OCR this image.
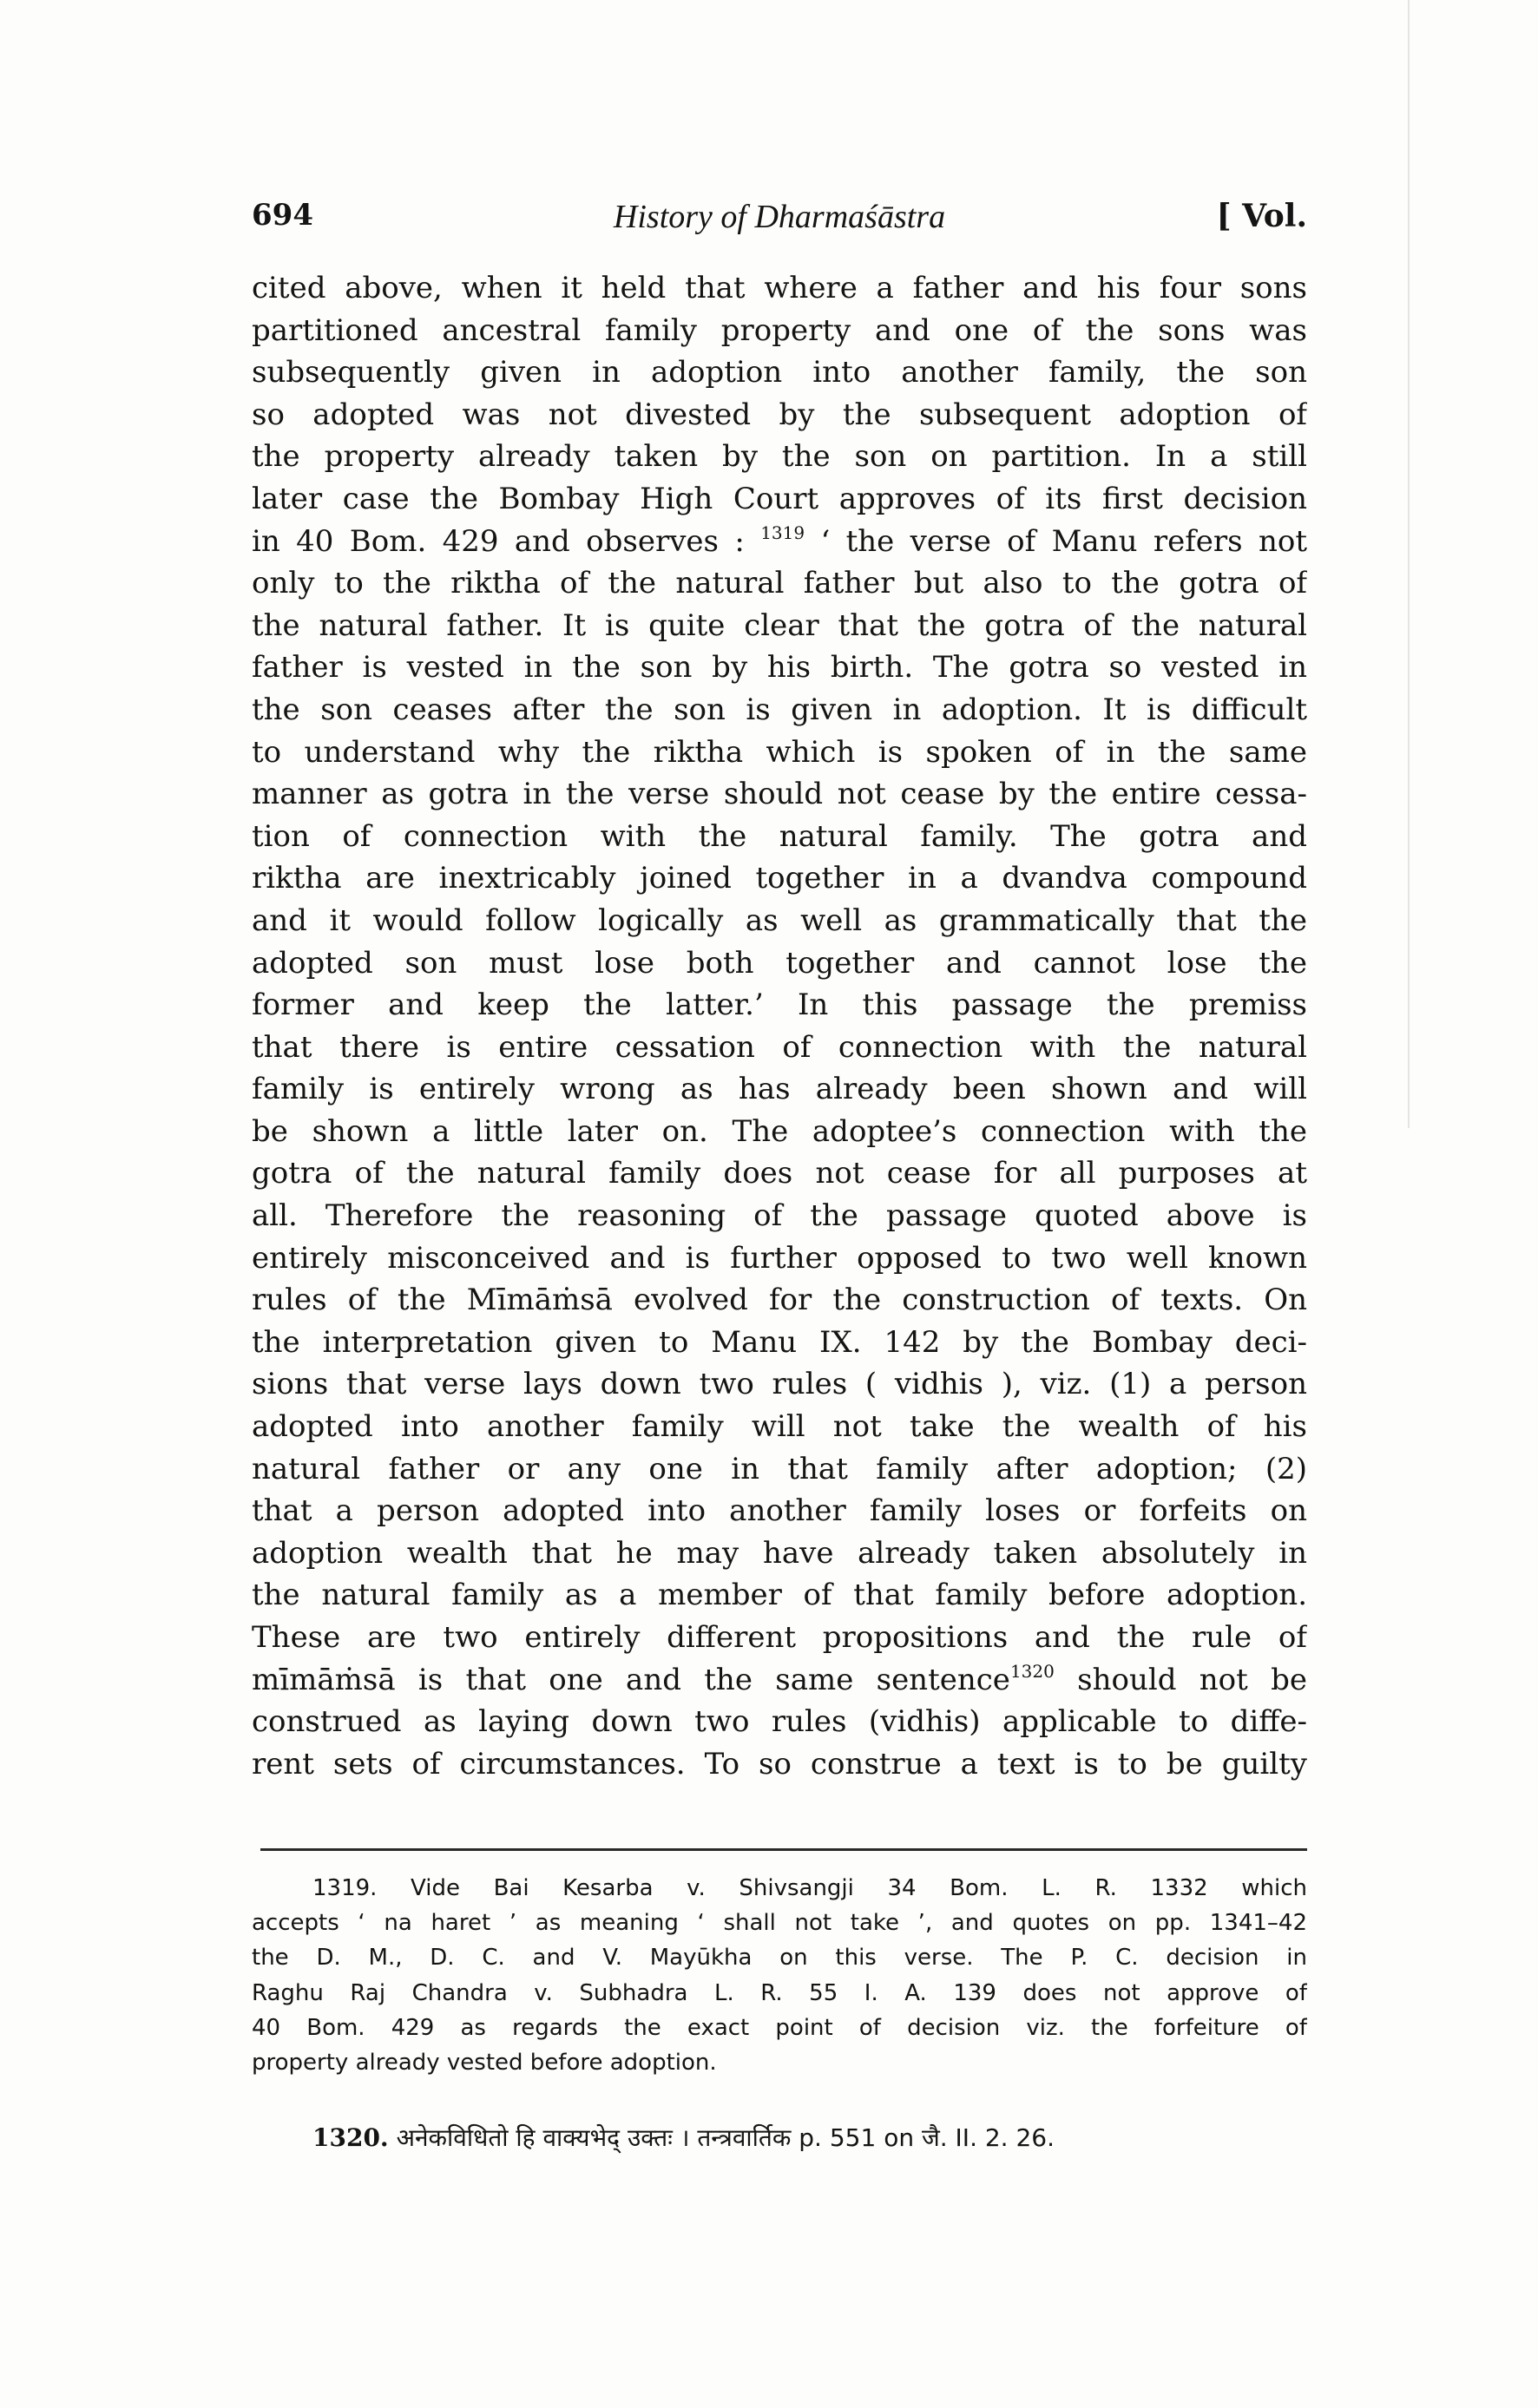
694	History of Dharmaśāstra	[ Vol.
cited above, when it held that where a father and his four sons
partitioned ancestral family property and one of the sons was
subsequently given in adoption into another family, the son
so adopted was not divested by the subsequent adoption of
the property already taken by the son on partition. In a still
later case the Bombay High Court approves of its first decision
in 40 Bom. 429 and observes : $^{1319}$ ‘ the verse of Manu refers not
only to the riktha of the natural father but also to the gotra of
the natural father. It is quite clear that the gotra of the natural
father is vested in the son by his birth. The gotra so vested in
the son ceases after the son is given in adoption. It is difficult
to understand why the riktha which is spoken of in the same
manner as gotra in the verse should not cease by the entire cessa-
tion of connection with the natural family. The gotra and
riktha are inextricably joined together in a dvandva compound
and it would follow logically as well as grammatically that the
adopted son must lose both together and cannot lose the
former and keep the latter.’ In this passage the premiss
that there is entire cessation of connection with the natural
family is entirely wrong as has already been shown and will
be shown a little later on. The adoptee’s connection with the
gotra of the natural family does not cease for all purposes at
all. Therefore the reasoning of the passage quoted above is
entirely misconceived and is further opposed to two well known
rules of the Mīmāṁsā evolved for the construction of texts. On
the interpretation given to Manu IX. 142 by the Bombay deci-
sions that verse lays down two rules ( vidhis ), viz. (1) a person
adopted into another family will not take the wealth of his
natural father or any one in that family after adoption; (2)
that a person adopted into another family loses or forfeits on
adoption wealth that he may have already taken absolutely in
the natural family as a member of that family before adoption.
These are two entirely different propositions and the rule of
mīmāṁsā is that one and the same sentence$^{1320}$ should not be
construed as laying down two rules (vidhis) applicable to diffe-
rent sets of circumstances. To so construe a text is to be guilty
1319. Vide Bai Kesarba v. Shivsangji 34 Bom. L. R. 1332 which
accepts ‘ na haret ’ as meaning ‘ shall not take ’, and quotes on pp. 1341–42
the D. M., D. C. and V. Mayūkha on this verse. The P. C. decision in
Raghu Raj Chandra v. Subhadra L. R. 55 I. A. 139 does not approve of
40 Bom. 429 as regards the exact point of decision viz. the forfeiture of
property already vested before adoption.
1320. अनेकविधितो हि वाक्यभेद् उक्तः । तन्त्रवार्तिक p. 551 on जै. II. 2. 26.
